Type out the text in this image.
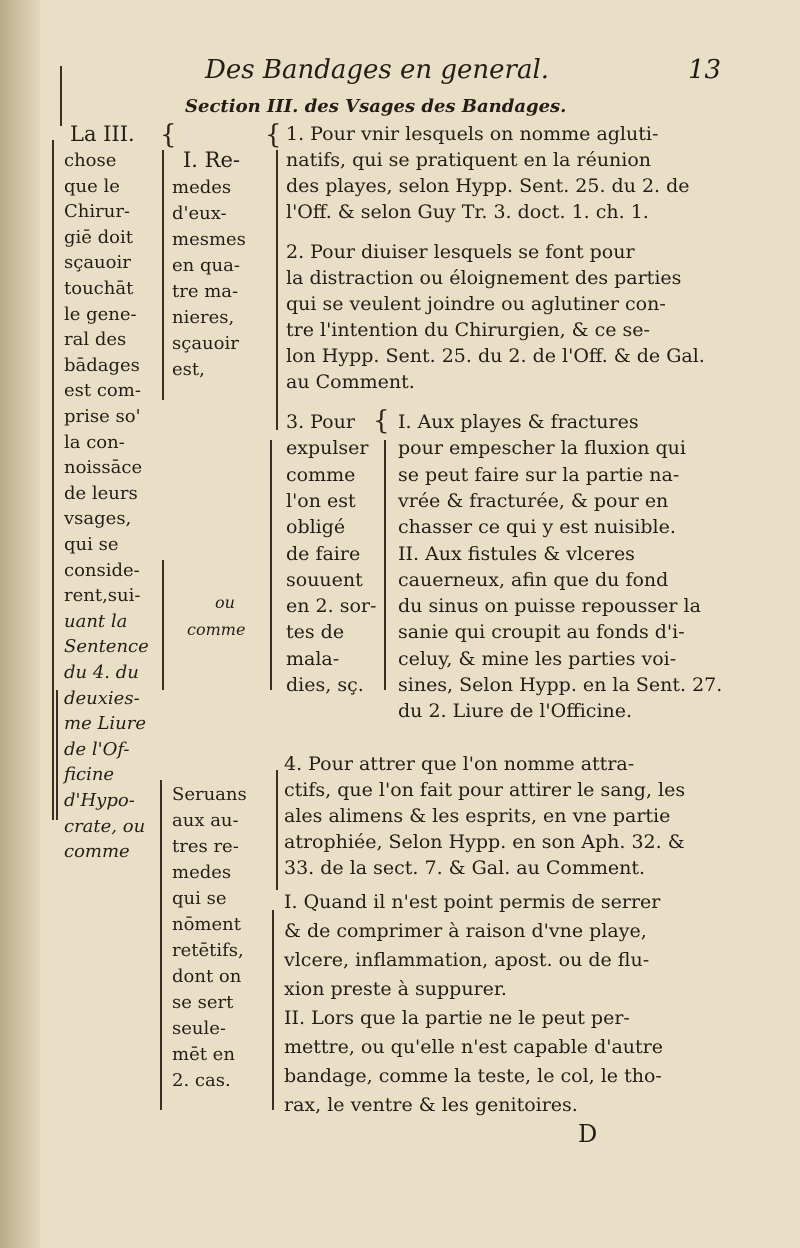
Des Bandages en general.	13
Section III. des Vsages des Bandages.
La III. {
chose
que le
Chirur-
giē doit
sçauoir
touchāt
le gene-
ral des
bādages
est com-
prise so'
la con-
noissāce
de leurs
vsages,
qui se
conside-
rent,sui-
uant la
Sentence
du 4. du
deuxies-
me Liure
de l'Of-
ficine
d'Hypo-
crate, ou
comme
I. Re-
medes
d'eux-
mesmes
en qua-
tre ma-
nieres,
sçauoir
est,
ou
comme
Seruans
aux au-
tres re-
medes
qui se
nōment
retētifs,
dont on
se sert
seule-
mēt en
2. cas.
{
{
1. Pour vnir lesquels on nomme agluti-
natifs, qui se pratiquent en la réunion
des playes, selon Hypp. Sent. 25. du 2. de
l'Off. & selon Guy Tr. 3. doct. 1. ch. 1.
2. Pour diuiser lesquels se font pour
la distraction ou éloignement des parties
qui se veulent joindre ou aglutiner con-
tre l'intention du Chirurgien, & ce se-
lon Hypp. Sent. 25. du 2. de l'Off. & de Gal.
au Comment.
3. Pour
expulser
comme
l'on est
obligé
de faire
souuent
en 2. sor-
tes de
mala-
dies, sç.
I. Aux playes & fractures
pour empescher la fluxion qui
se peut faire sur la partie na-
vrée & fracturée, & pour en
chasser ce qui y est nuisible.
II. Aux fistules & vlceres
cauerneux, afin que du fond
du sinus on puisse repousser la
sanie qui croupit au fonds d'i-
celuy, & mine les parties voi-
sines, Selon Hypp. en la Sent. 27.
du 2. Liure de l'Officine.
4. Pour attrer que l'on nomme attra-
ctifs, que l'on fait pour attirer le sang, les
ales alimens & les esprits, en vne partie
atrophiée, Selon Hypp. en son Aph. 32. &
33. de la sect. 7. & Gal. au Comment.
I. Quand il n'est point permis de serrer
& de comprimer à raison d'vne playe,
vlcere, inflammation, apost. ou de flu-
xion preste à suppurer.
II. Lors que la partie ne le peut per-
mettre, ou qu'elle n'est capable d'autre
bandage, comme la teste, le col, le tho-
rax, le ventre & les genitoires.
D
